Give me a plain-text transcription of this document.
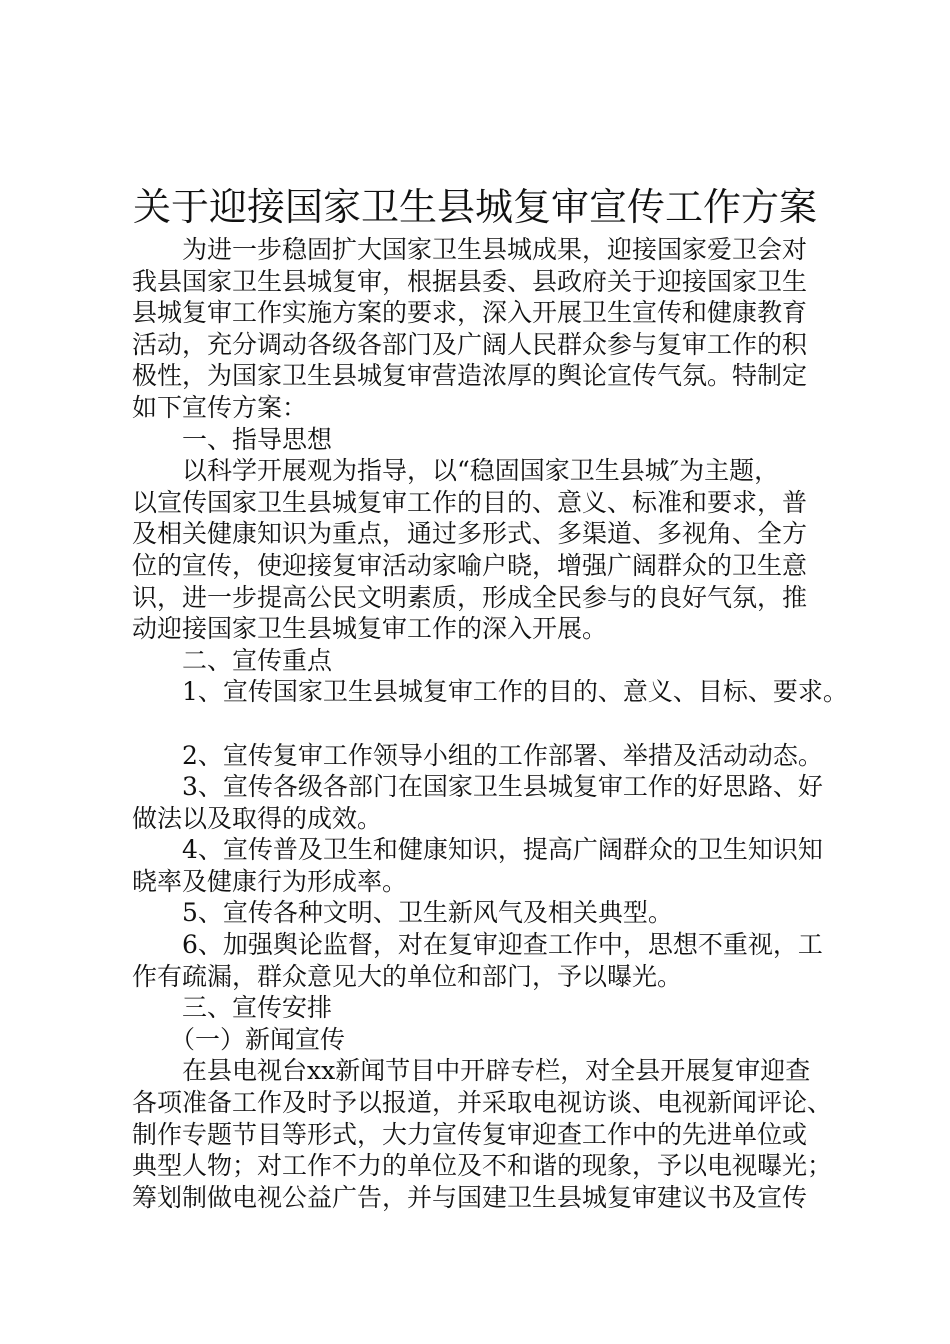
关于迎接国家卫生县城复审宣传工作方案
为进一步稳固扩大国家卫生县城成果，迎接国家爱卫会对
我县国家卫生县城复审，根据县委、县政府关于迎接国家卫生
县城复审工作实施方案的要求，深入开展卫生宣传和健康教育
活动，充分调动各级各部门及广阔人民群众参与复审工作的积
极性，为国家卫生县城复审营造浓厚的舆论宣传气氛。特制定
如下宣传方案：
一、指导思想
以科学开展观为指导，以“稳固国家卫生县城″为主题，
以宣传国家卫生县城复审工作的目的、意义、标准和要求，普
及相关健康知识为重点，通过多形式、多渠道、多视角、全方
位的宣传，使迎接复审活动家喻户晓，增强广阔群众的卫生意
识，进一步提高公民文明素质，形成全民参与的良好气氛，推
动迎接国家卫生县城复审工作的深入开展。
二、宣传重点
1、宣传国家卫生县城复审工作的目的、意义、目标、要求。
2、宣传复审工作领导小组的工作部署、举措及活动动态。
3、宣传各级各部门在国家卫生县城复审工作的好思路、好
做法以及取得的成效。
4、宣传普及卫生和健康知识，提高广阔群众的卫生知识知
晓率及健康行为形成率。
5、宣传各种文明、卫生新风气及相关典型。
6、加强舆论监督，对在复审迎查工作中，思想不重视，工
作有疏漏，群众意见大的单位和部门，予以曝光。
三、宣传安排
（一）新闻宣传
在县电视台xx新闻节目中开辟专栏，对全县开展复审迎查
各项准备工作及时予以报道，并采取电视访谈、电视新闻评论、
制作专题节目等形式，大力宣传复审迎查工作中的先进单位或
典型人物；对工作不力的单位及不和谐的现象，予以电视曝光；
筹划制做电视公益广告，并与国建卫生县城复审建议书及宣传
